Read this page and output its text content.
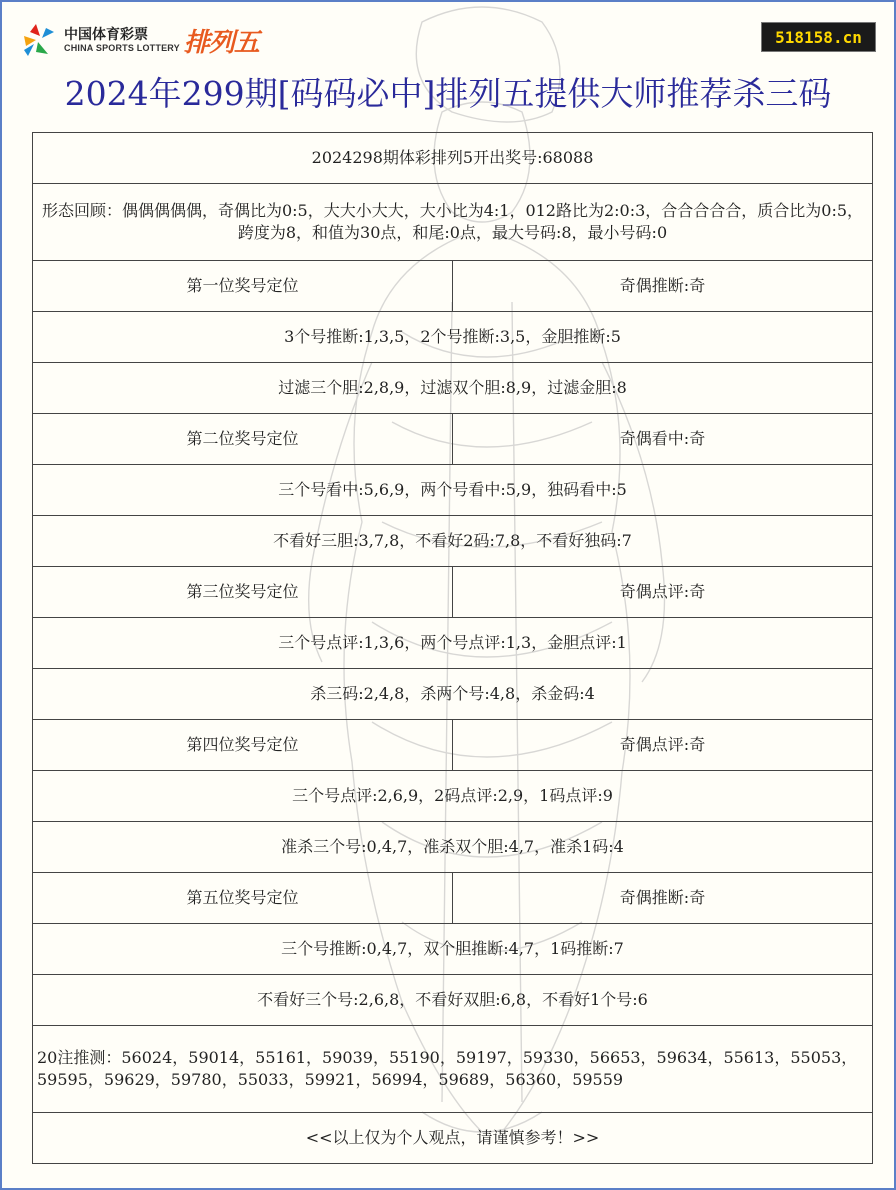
中国体育彩票
CHINA SPORTS LOTTERY 排列五	518158.cn
2024年299期[码码必中]排列五提供大师推荐杀三码
2024298期体彩排列5开出奖号:68088	
形态回顾：偶偶偶偶偶，奇偶比为0:5，大大小大大，大小比为4:1，012路比为2:0:3，合合合合合，质合比为0:5，跨度为8，和值为30点，和尾:0点，最大号码:8，最小号码:0	
第一位奖号定位	奇偶推断:奇
3个号推断:1,3,5，2个号推断:3,5，金胆推断:5	
过滤三个胆:2,8,9，过滤双个胆:8,9，过滤金胆:8	
第二位奖号定位	奇偶看中:奇
三个号看中:5,6,9，两个号看中:5,9，独码看中:5	
不看好三胆:3,7,8，不看好2码:7,8，不看好独码:7	
第三位奖号定位	奇偶点评:奇
三个号点评:1,3,6，两个号点评:1,3，金胆点评:1	
杀三码:2,4,8，杀两个号:4,8，杀金码:4	
第四位奖号定位	奇偶点评:奇
三个号点评:2,6,9，2码点评:2,9，1码点评:9	
准杀三个号:0,4,7，准杀双个胆:4,7，准杀1码:4	
第五位奖号定位	奇偶推断:奇
三个号推断:0,4,7，双个胆推断:4,7，1码推断:7	
不看好三个号:2,6,8，不看好双胆:6,8，不看好1个号:6	
20注推测：56024，59014，55161，59039，55190，59197，59330，56653，59634，55613，55053，59595，59629，59780，55033，59921，56994，59689，56360，59559	
<<以上仅为个人观点，请谨慎参考！>>	
